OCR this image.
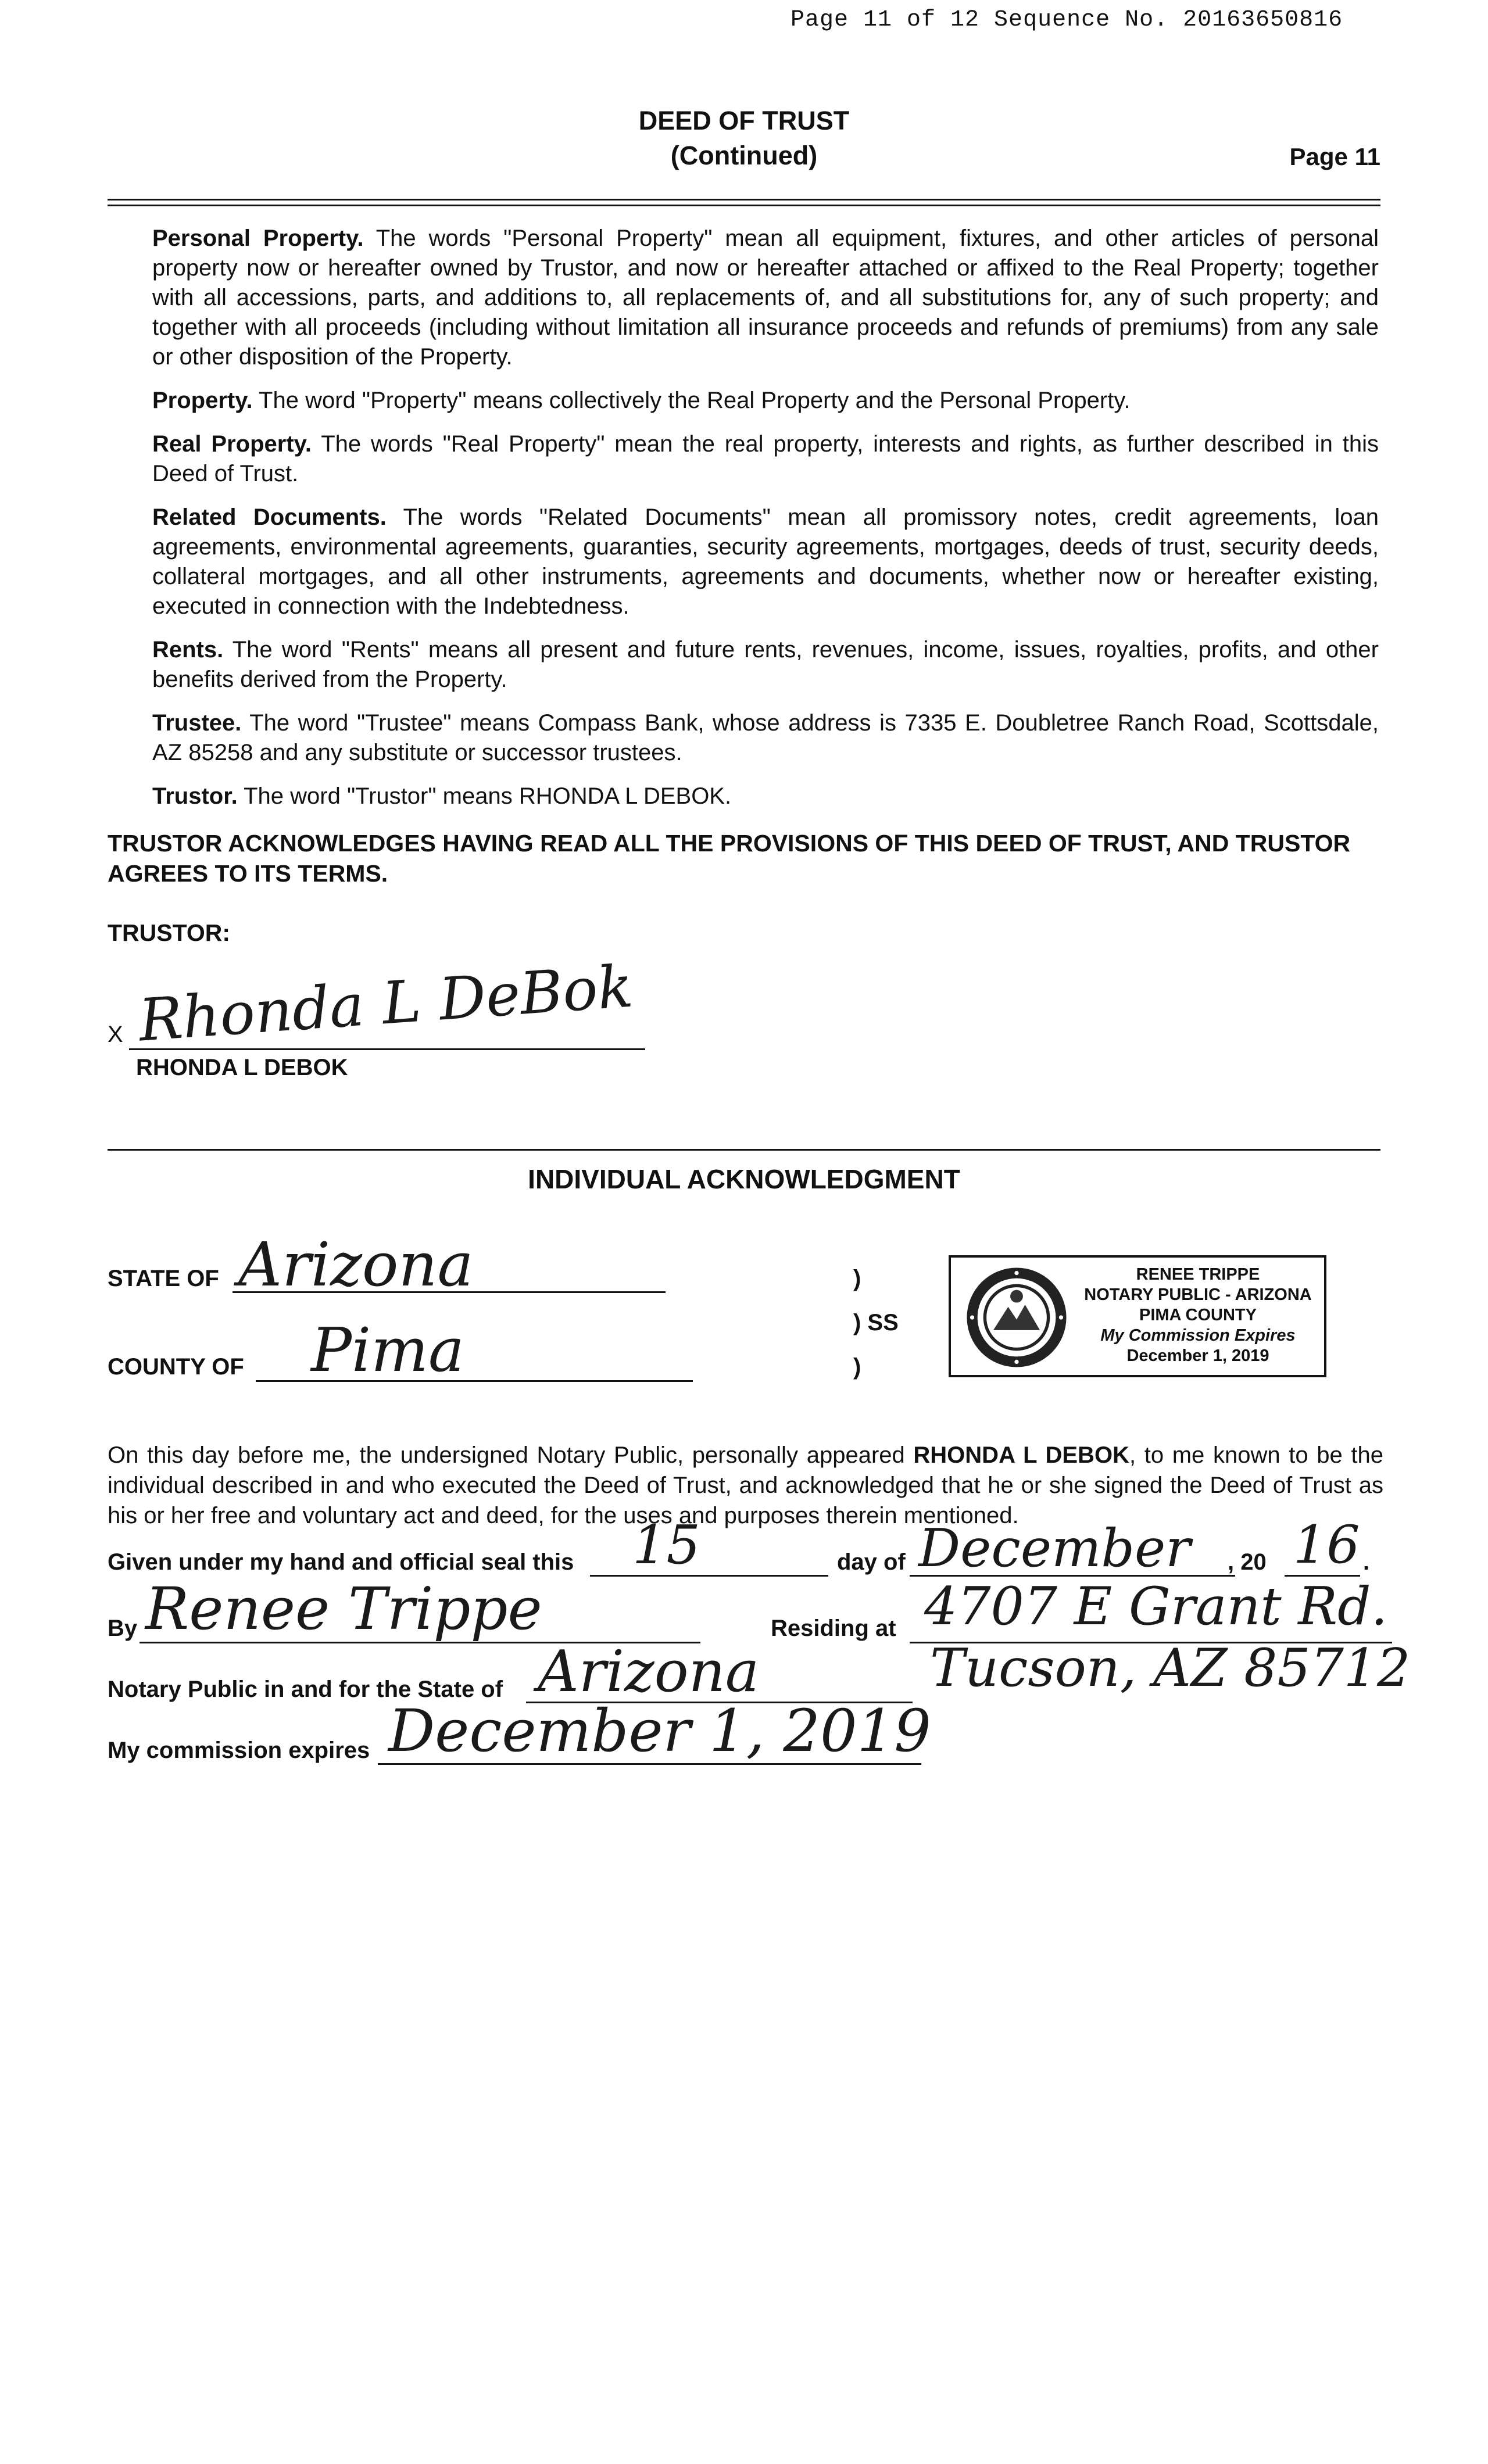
Page 11 of 12 Sequence No. 20163650816
DEED OF TRUST
(Continued)	Page 11

Personal Property. The words "Personal Property" mean all equipment, fixtures, and other articles of personal property now or hereafter owned by Trustor, and now or hereafter attached or affixed to the Real Property; together with all accessions, parts, and additions to, all replacements of, and all substitutions for, any of such property; and together with all proceeds (including without limitation all insurance proceeds and refunds of premiums) from any sale or other disposition of the Property.

Property. The word "Property" means collectively the Real Property and the Personal Property.

Real Property. The words "Real Property" mean the real property, interests and rights, as further described in this Deed of Trust.

Related Documents. The words "Related Documents" mean all promissory notes, credit agreements, loan agreements, environmental agreements, guaranties, security agreements, mortgages, deeds of trust, security deeds, collateral mortgages, and all other instruments, agreements and documents, whether now or hereafter existing, executed in connection with the Indebtedness.

Rents. The word "Rents" means all present and future rents, revenues, income, issues, royalties, profits, and other benefits derived from the Property.

Trustee. The word "Trustee" means Compass Bank, whose address is 7335 E. Doubletree Ranch Road, Scottsdale, AZ 85258 and any substitute or successor trustees.

Trustor. The word "Trustor" means RHONDA L DEBOK.

TRUSTOR ACKNOWLEDGES HAVING READ ALL THE PROVISIONS OF THIS DEED OF TRUST, AND TRUSTOR AGREES TO ITS TERMS.
TRUSTOR:
Rhonda L DeBok
X
RHONDA L DEBOK
INDIVIDUAL ACKNOWLEDGMENT
STATE OF Arizona
COUNTY OF Pima
)
) SS
)
RENEE TRIPPE
NOTARY PUBLIC - ARIZONA
PIMA COUNTY
My Commission Expires
December 1, 2019
On this day before me, the undersigned Notary Public, personally appeared RHONDA L DEBOK, to me known to be the individual described in and who executed the Deed of Trust, and acknowledged that he or she signed the Deed of Trust as his or her free and voluntary act and deed, for the uses and purposes therein mentioned.
Given under my hand and official seal this 15	day of December , 20 16 .
By Renee Trippe	Residing at 4707 E Grant Rd.
Tucson, AZ 85712
Notary Public in and for the State of Arizona
My commission expires December 1, 2019
